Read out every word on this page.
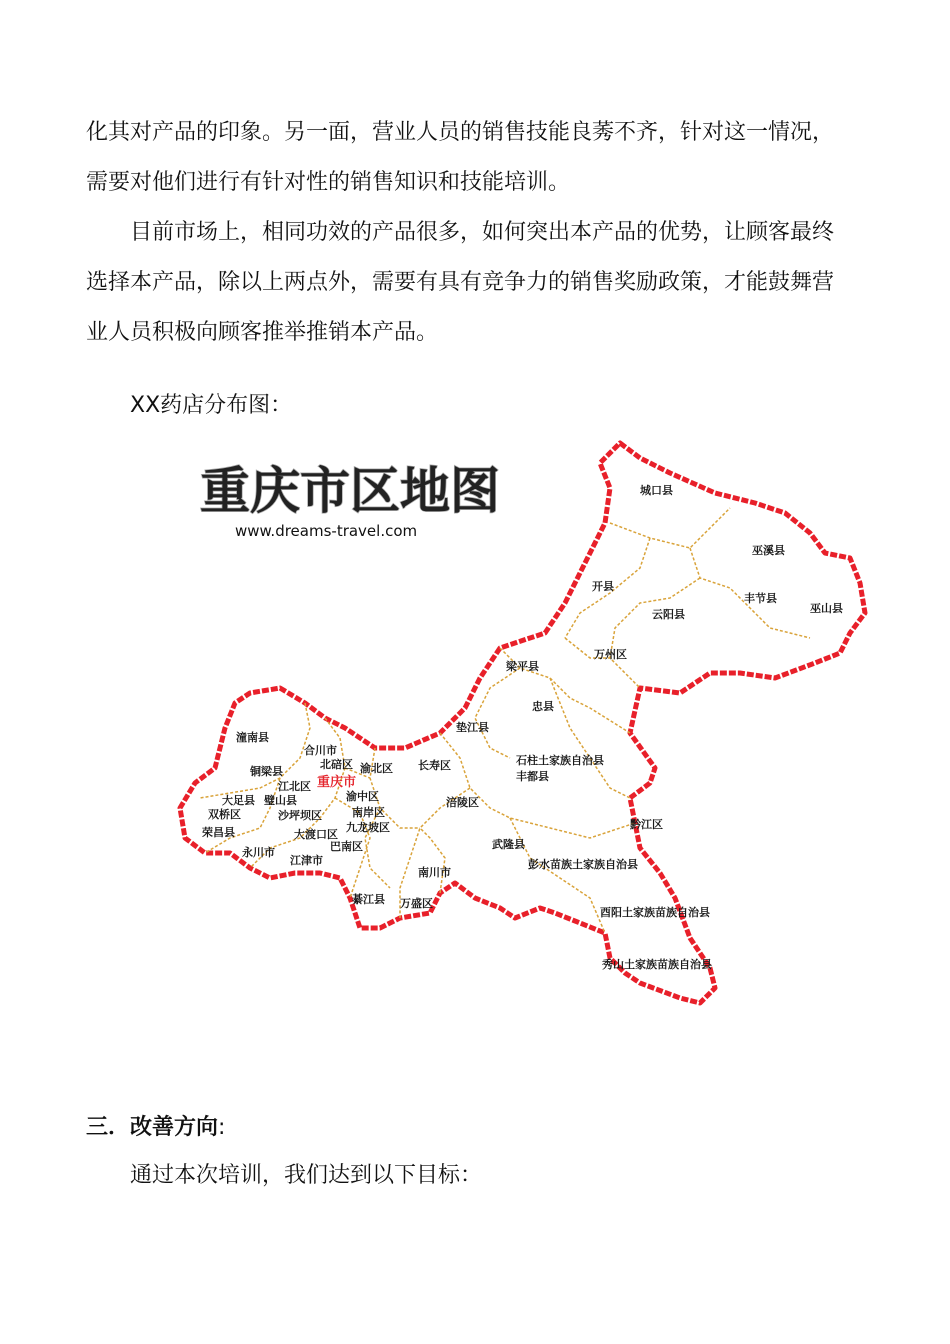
化其对产品的印象。另一面，营业人员的销售技能良莠不齐，针对这一情况，
需要对他们进行有针对性的销售知识和技能培训。
目前市场上，相同功效的产品很多，如何突出本产品的优势，让顾客最终
选择本产品，除以上两点外，需要有具有竞争力的销售奖励政策，才能鼓舞营
业人员积极向顾客推举推销本产品。
XX药店分布图：
重庆市区地图
www.dreams-travel.com
城口县
巫溪县
开县
云阳县
丰节县
巫山县
万州区
梁平县
忠县
垫江县
潼南县
合川市
铜梁县
北碚区 渝北区 长寿区
江北区 重庆市
石柱土家族自治县
丰都县
大足县 璧山县	渝中区
双桥区	沙坪坝区	南岸区
涪陵区
荣昌县	九龙坡区	黔江区
大渡口区
巴南区
永川市
江津市
武隆县
彭水苗族土家族自治县
南川市
綦江县 万盛区
酉阳土家族苗族自治县
秀山土家族苗族自治县
三．改善方向:
通过本次培训，我们达到以下目标：
